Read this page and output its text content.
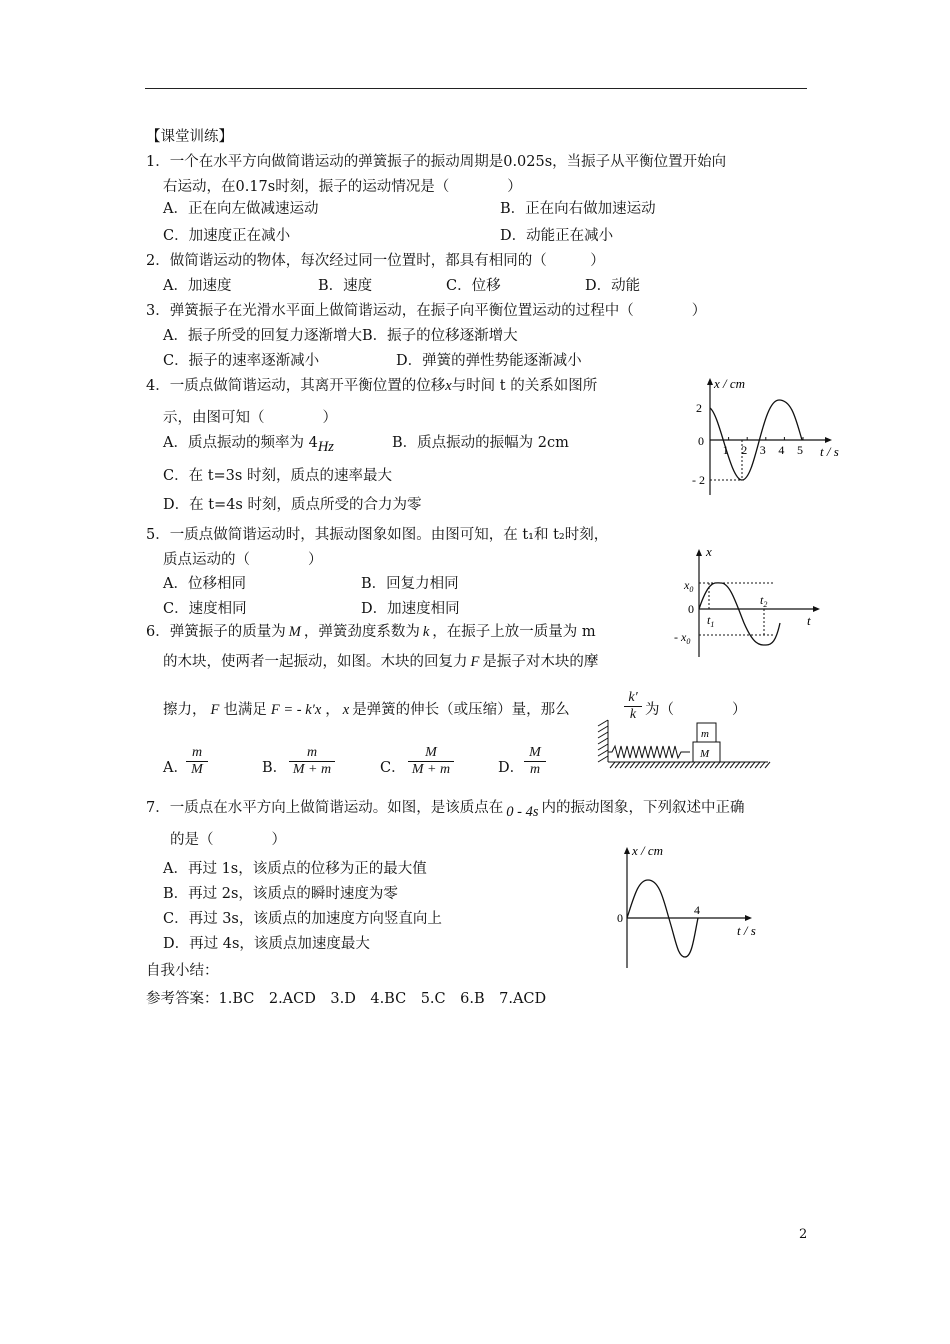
【课堂训练】
1．一个在水平方向做简谐运动的弹簧振子的振动周期是0.025s，当振子从平衡位置开始向
右运动，在0.17s时刻，振子的运动情况是（　　　　）
A．正在向左做减速运动	B．正在向右做加速运动
C．加速度正在减小	D．动能正在减小
2．做简谐运动的物体，每次经过同一位置时，都具有相同的（　　　）
A．加速度	B．速度	C．位移	D．动能
3．弹簧振子在光滑水平面上做简谐运动，在振子向平衡位置运动的过程中（　　　　）
A．振子所受的回复力逐渐增大B．振子的位移逐渐增大
C．振子的速率逐渐减小	D．弹簧的弹性势能逐渐减小
4．一质点做简谐运动，其离开平衡位置的位移x与时间 t 的关系如图所
示，由图可知（　　　　）
A．质点振动的频率为 4Hz	B．质点振动的振幅为 2cm
C．在 t=3s 时刻，质点的速率最大
D．在 t=4s 时刻，质点所受的合力为零
x / cm
t / s
2
- 2
0
1 2 3 4 5
5．一质点做简谐运动时，其振动图象如图。由图可知，在 t₁和 t₂时刻，
质点运动的（　　　　）
A．位移相同	B．回复力相同
C．速度相同	D．加速度相同
x
t
$x_0$
- $x_0$
0
$t_1$
$t_2$
6．弹簧振子的质量为 M ，弹簧劲度系数为 k ，在振子上放一质量为 m
的木块，使两者一起振动，如图。木块的回复力 F 是振子对木块的摩
擦力， F 也满足 F = - k′x ， x 是弹簧的伸长（或压缩）量，那么
k′
k 为（　　　　）
A．
m
M	B．
m
M + m	C．
M
M + m	D．
M
m
m
M
7．一质点在水平方向上做简谐运动。如图，是该质点在 0 - 4s 内的振动图象，下列叙述中正确
的是（　　　　）
A．再过 1s，该质点的位移为正的最大值
B．再过 2s，该质点的瞬时速度为零
C．再过 3s，该质点的加速度方向竖直向上
D．再过 4s，该质点加速度最大
x / cm
t / s
0
4
自我小结：
参考答案：1.BC　2.ACD　3.D　4.BC　5.C　6.B　7.ACD
2
